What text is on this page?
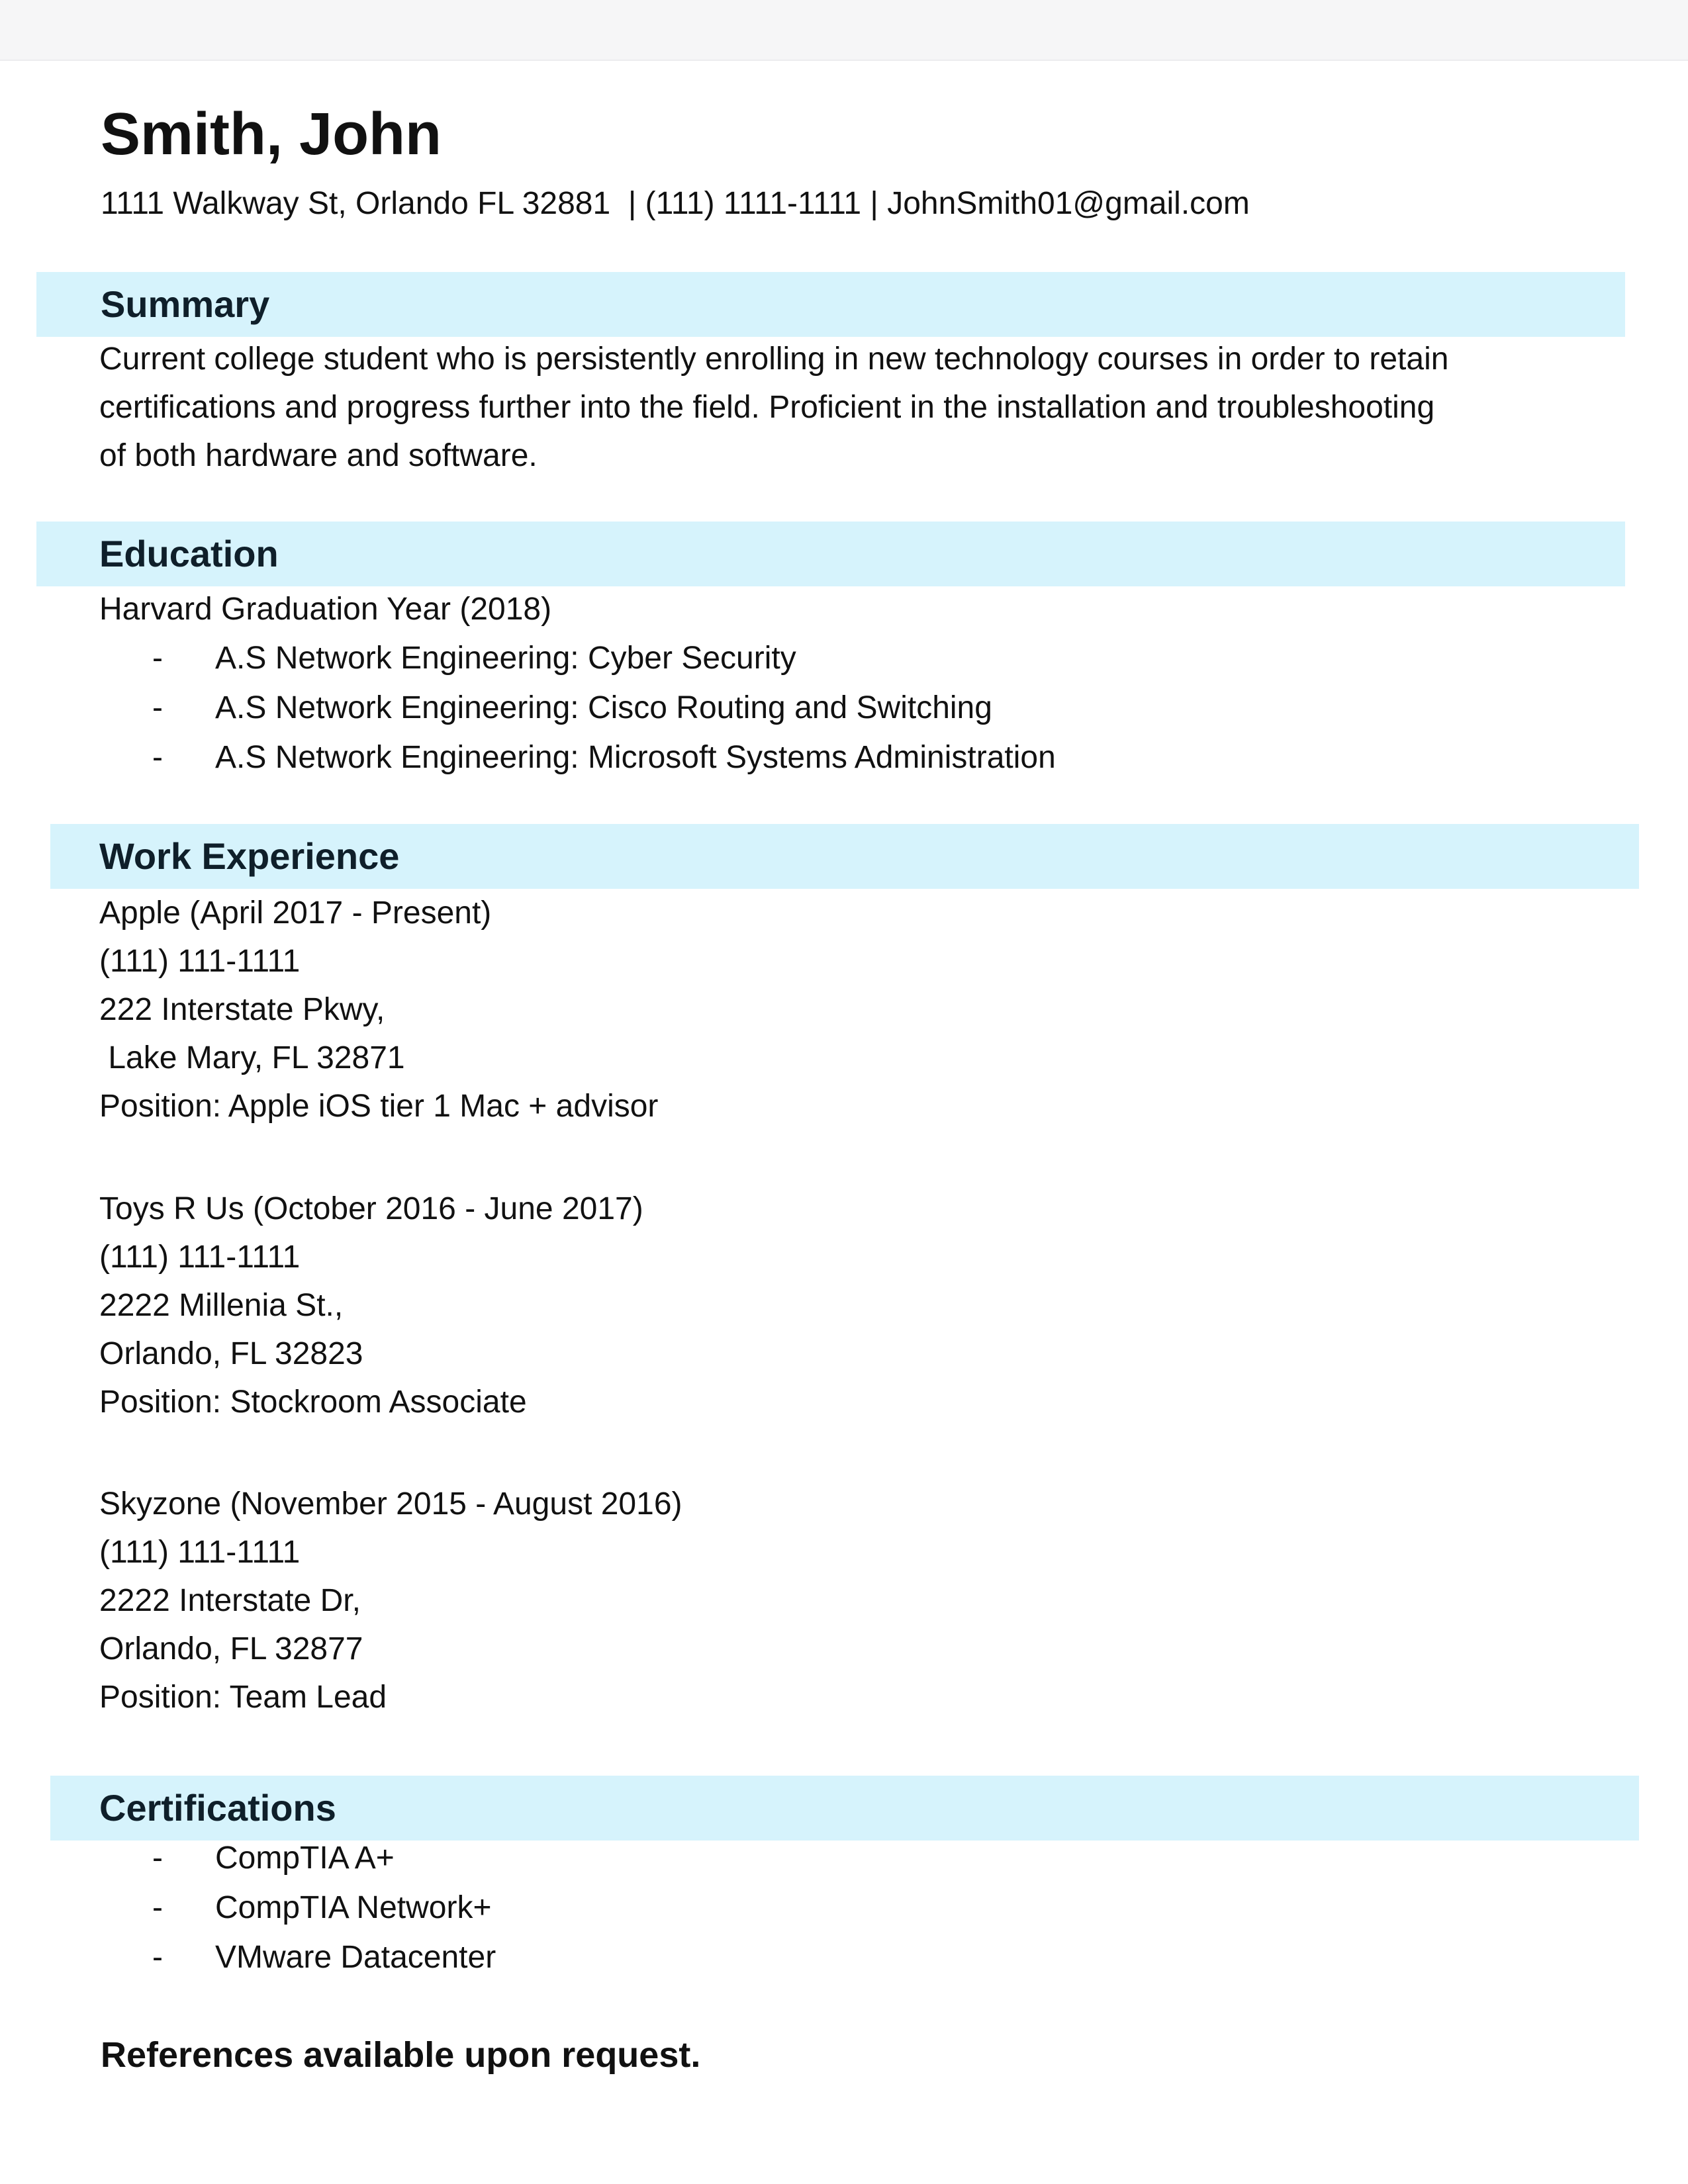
Smith, John
1111 Walkway St, Orlando FL 32881  | (111) 1111-1111 | JohnSmith01@gmail.com
Summary
Current college student who is persistently enrolling in new technology courses in order to retain
certifications and progress further into the field. Proficient in the installation and troubleshooting
of both hardware and software.
Education
Harvard Graduation Year (2018)
- A.S Network Engineering: Cyber Security
- A.S Network Engineering: Cisco Routing and Switching
- A.S Network Engineering: Microsoft Systems Administration
Work Experience
Apple (April 2017 - Present)
(111) 111-1111
222 Interstate Pkwy,
Lake Mary, FL 32871
Position: Apple iOS tier 1 Mac + advisor
Toys R Us (October 2016 - June 2017)
(111) 111-1111
2222 Millenia St.,
Orlando, FL 32823
Position: Stockroom Associate
Skyzone (November 2015 - August 2016)
(111) 111-1111
2222 Interstate Dr,
Orlando, FL 32877
Position: Team Lead
Certifications
- CompTIA A+
- CompTIA Network+
- VMware Datacenter
References available upon request.
